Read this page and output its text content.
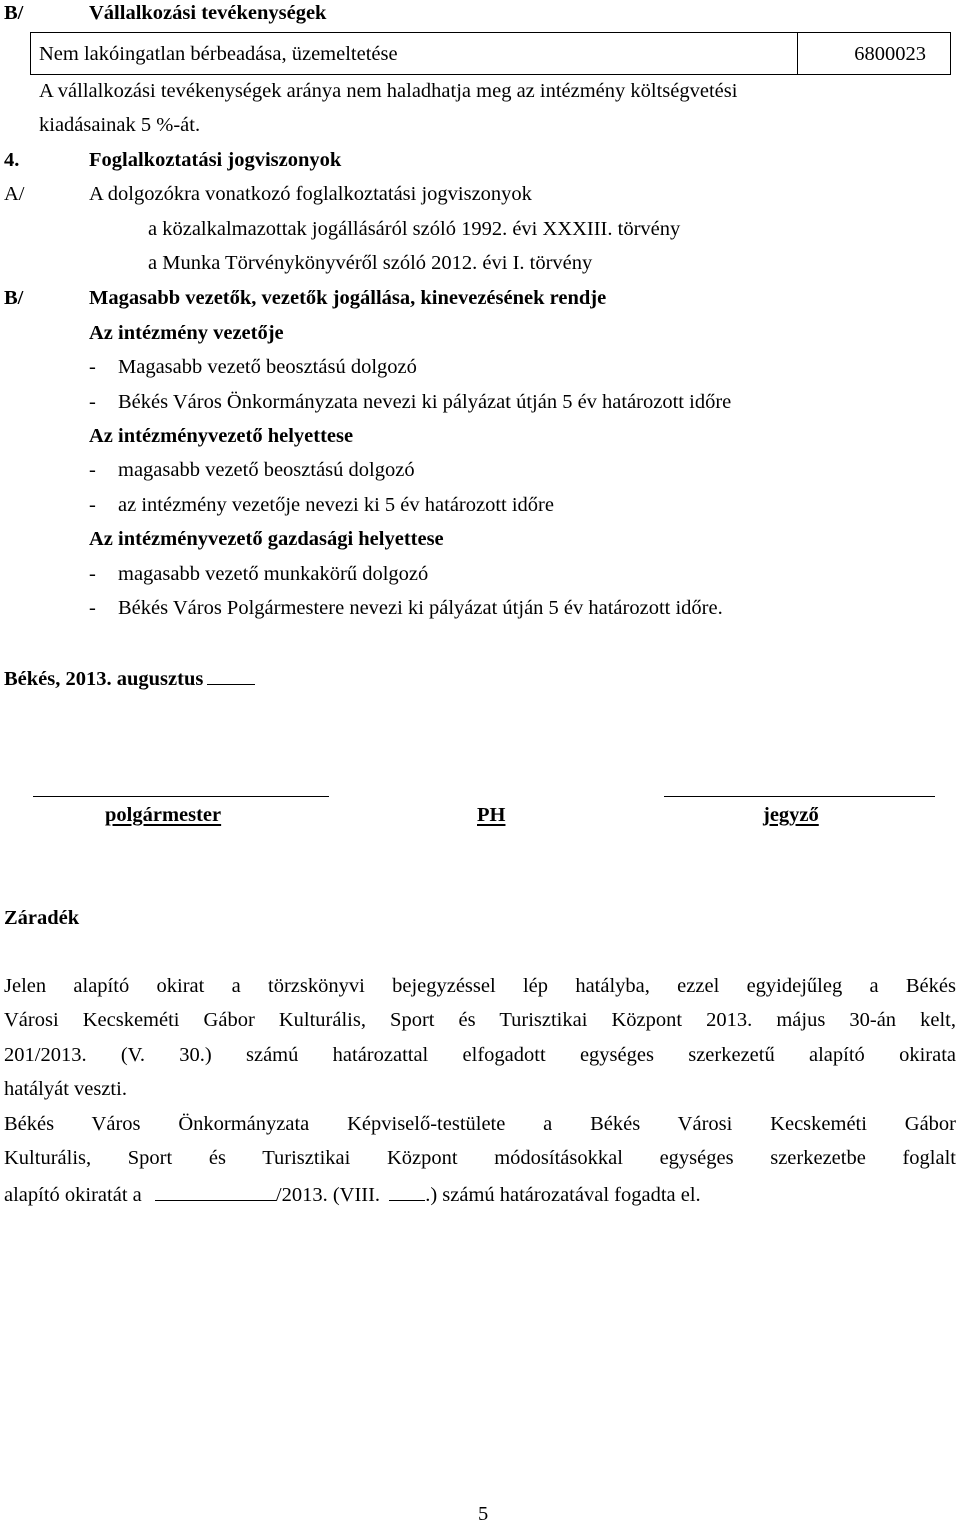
B/	Vállalkozási tevékenységek
Nem lakóingatlan bérbeadása, üzemeltetése	6800023
A vállalkozási tevékenységek aránya nem haladhatja meg az intézmény költségvetési
kiadásainak 5 %-át.
4.	Foglalkoztatási jogviszonyok
A/	A dolgozókra vonatkozó foglalkoztatási jogviszonyok
a közalkalmazottak jogállásáról szóló 1992. évi XXXIII. törvény
a Munka Törvénykönyvéről szóló 2012. évi I. törvény
B/	Magasabb vezetők, vezetők jogállása, kinevezésének rendje
Az intézmény vezetője
- Magasabb vezető beosztású dolgozó
- Békés Város Önkormányzata nevezi ki pályázat útján 5 év határozott időre
Az intézményvezető helyettese
- magasabb vezető beosztású dolgozó
- az intézmény vezetője nevezi ki 5 év határozott időre
Az intézményvezető gazdasági helyettese
- magasabb vezető munkakörű dolgozó
- Békés Város Polgármestere nevezi ki pályázat útján 5 év határozott időre.
Békés, 2013. augusztus
polgármester	PH	jegyző
Záradék
Jelen alapító okirat a törzskönyvi bejegyzéssel lép hatályba, ezzel egyidejűleg a Békés
Városi Kecskeméti Gábor Kulturális, Sport és Turisztikai Központ 2013. május 30-án kelt,
201/2013. (V. 30.) számú határozattal elfogadott egységes szerkezetű alapító okirata
hatályát veszti.
Békés Város Önkormányzata Képviselő-testülete a Békés Városi Kecskeméti Gábor
Kulturális, Sport és Turisztikai Központ módosításokkal egységes szerkezetbe foglalt
alapító okiratát a	/2013. (VIII. .) számú határozatával fogadta el.
5
